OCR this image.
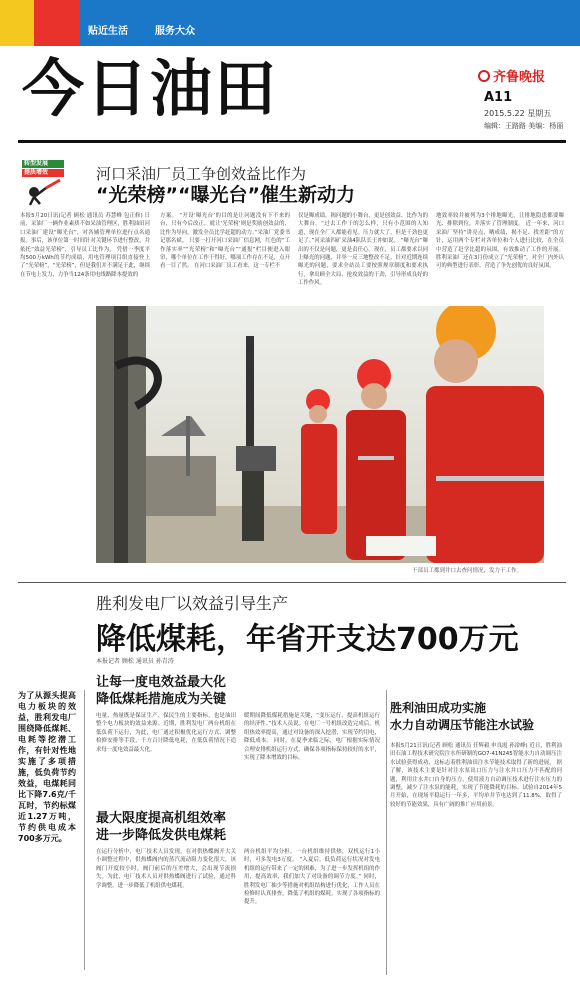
贴近生活	服务大众
今日油田	齐鲁晚报
A11
2015.5.22 星期五
编辑：王路路 美编：杨丽
转型发展
提质增效	河口采油厂员工争创效益比作为
“光荣榜”“曝光台”催生新动力
本报5月20日讯(记者 顾松 通讯员 苏慧峰 包正修) 日前，采油厂一辆作业素质不如采油管理区，胜利油田河口采油厂建设“曝光台”，对各辅管理单位进行点名通报。事后，该单位第一时间针对关键环节进行整改，并依托“效益光荣榜”，引导员工比作为。 凭借一季度平均500万kWh的节约成绩，用电管理项目组直接登上了“光荣榜”，“光荣榜”，但是我们并不满足于此，继续在节电上发力，力争当124条用电线路降本提效的
方案。 “开设‘曝光台’的目的是让问题没有下不来的台，只有今后改正，就让‘光荣榜’则是奖励创效益的，比作为导向，激发全员比学赶超的动力。”采油厂党委书记那名斌。 只要一打开河口采油厂信息网，红色的“工作落实率”“光荣榜”和“曝光台”“通报”栏目便进入眼帘，哪个单位在工作干得好，哪项工作存在不足，点开看一目了然。 在河口采油厂员工看来，这一专栏不
仅是曝成绩，揭问题的小舞台，更是创效益、比作为的大舞台。“过去工作干的怎么样，只有小范围的人知道，现在全厂人都能看见。压力就大了，但是干劲也更足了。”河采油四矿采油4队队长王冲如说。 “曝光台”曝出的不仅是问题，更是责任心。现在，员工都要求以同上曝光的问题，并举一反三地整改不足，针对近期连续曝光的问题，要求全站员工要按照规章制度和要求执行，拿出顾全大局、抢攻效益的干劲，引导形成良好的工作作风。
地效率较并被列为3个排地曝光，让排地隐患都要曝光、排除到位，并落实了管理制度。 近一年来，河口采油厂坚持“讲亮点、晒成绩、揭不足、找差距”的方针，运用两个专栏对各单位和个人进行比较，在全员中营造了赶学比超的氛围，有效推动了工作的开展。胜利采油厂还在3月份成立了“光荣榜”，对全厂内外认可的典型进行表彰，营造了争先创优的良好氛围。
干部员工都到井口去查问情况，发力干工作。
胜利发电厂以效益引导生产
降低煤耗，年省开支达700万元
本报记者 顾松 通讯员 孙青涛
为了从源头提高电力板块的效益，胜利发电厂围绕降低煤耗、电耗等挖潜工作，有针对性地实施了多项措施，低负荷节约效益，电煤耗同比下降7.6克/千瓦时，节约标煤近1.27万吨，节约供电成本700多万元。
让每一度电效益最大化
降低煤耗措施成为关键
电量、热量既是保证生产、保民生的主要指标，也是油田整个电力板块的效益来源。近期，胜利发电厂两台机组在低负荷下运行，为此，电厂通过积极优化运行方式、调整检修安排等手段，千方百计降低电耗，在低负荷情况下追求每一度电效益最大化。
最大限度提高机组效率
进一步降低发供电煤耗
在运行分析中，电厂技术人员发现，在对供热蝶阀开大关小调整过程中，供热蝶阀内的蒸汽流动阻力变化很大，该阀门开度较小时，阀门前后的压差增大，会出现节流损失。为此，电厂技术人员对供热蝶阀进行了试验，通过科学调整，进一步降低了机组供电煤耗。
暖期间降低煤耗措施是关键，“变压运行，提高机组运行的经济性。”技术人员说。在电厂一号机组改造完成后，机组热效率提高，通过对设备的深入挖潜，实现节约用电，降低成本。 同时，在夏季来临之际，电厂根据实际情况合理安排机组运行方式，确保各项指标保持较好的水平，实现了降本增效的目标。
两台机组平均分担，一台机组维持供热，双机运行1小时，可多发电3万度。 “入夏后，低负荷运行状况对发电机组的运行带来了一定的困难，为了进一步发挥机组的作用，提高效率，我们加大了对设备的调节力度。” 同时，胜利发电厂抽少等措施对机组结构进行优化，工作人员在检修时认真排查，降低了机组的煤耗，实现了各项指标的提升。
胜利油田成功实施
水力自动调压节能注水试验
本报5月21日讯(记者 顾松 通讯员 任辉毅 申良霞 孙淦峰) 近日，胜利油田石油工程技术研究院注水所研制的GO7-41N245智能水力自动调压注水试验获得成功，这标志着胜利油田注水节能技术取得了新的进展。 据了解，该技术主要是针对注水泵出口压力与注水井口压力不匹配的问题，利用注水井口自身的压力，使用液力自动调压技术进行注水压力的调整，减少了注水泵的能耗，实现了节能降耗的目标。试验自2014年5月开始，在现场平稳运行一年多，平均单井节电达到了11.8%，取得了较好的节能效果，具有广阔的推广应用前景。
